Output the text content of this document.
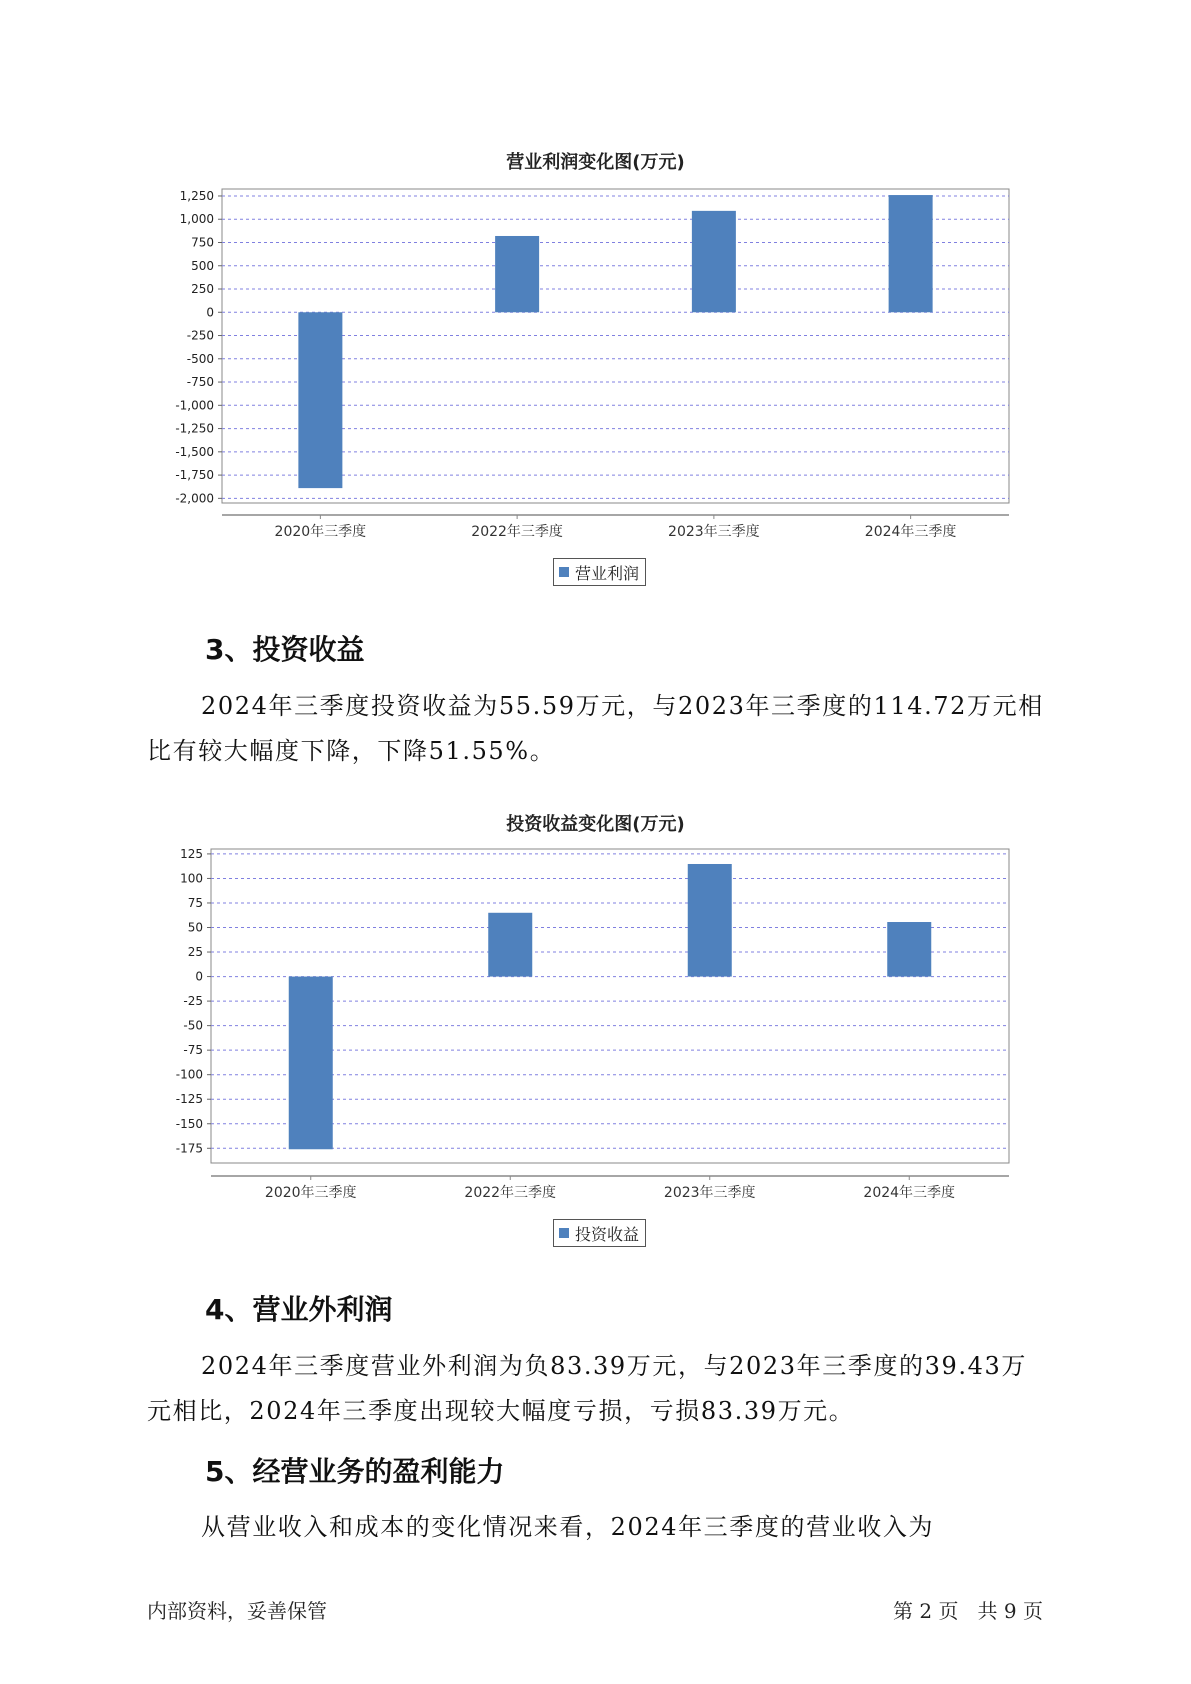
营业利润变化图(万元)
1,250
1,000
750
500
250
0
-250
-500
-750
-1,000
-1,250
-1,500
-1,750
-2,000
2020年三季度	2022年三季度	2023年三季度	2024年三季度
营业利润
3、投资收益

2024年三季度投资收益为55.59万元，与2023年三季度的114.72万元相比有较大幅度下降，下降51.55%。

投资收益变化图(万元)
125
100
75
50
25
0
-25
-50
-75
-100
-125
-150
-175
2020年三季度	2022年三季度	2023年三季度	2024年三季度
投资收益
4、营业外利润

2024年三季度营业外利润为负83.39万元，与2023年三季度的39.43万元相比，2024年三季度出现较大幅度亏损，亏损83.39万元。

5、经营业务的盈利能力

从营业收入和成本的变化情况来看，2024年三季度的营业收入为

内部资料，妥善保管	第 2 页   共 9 页
